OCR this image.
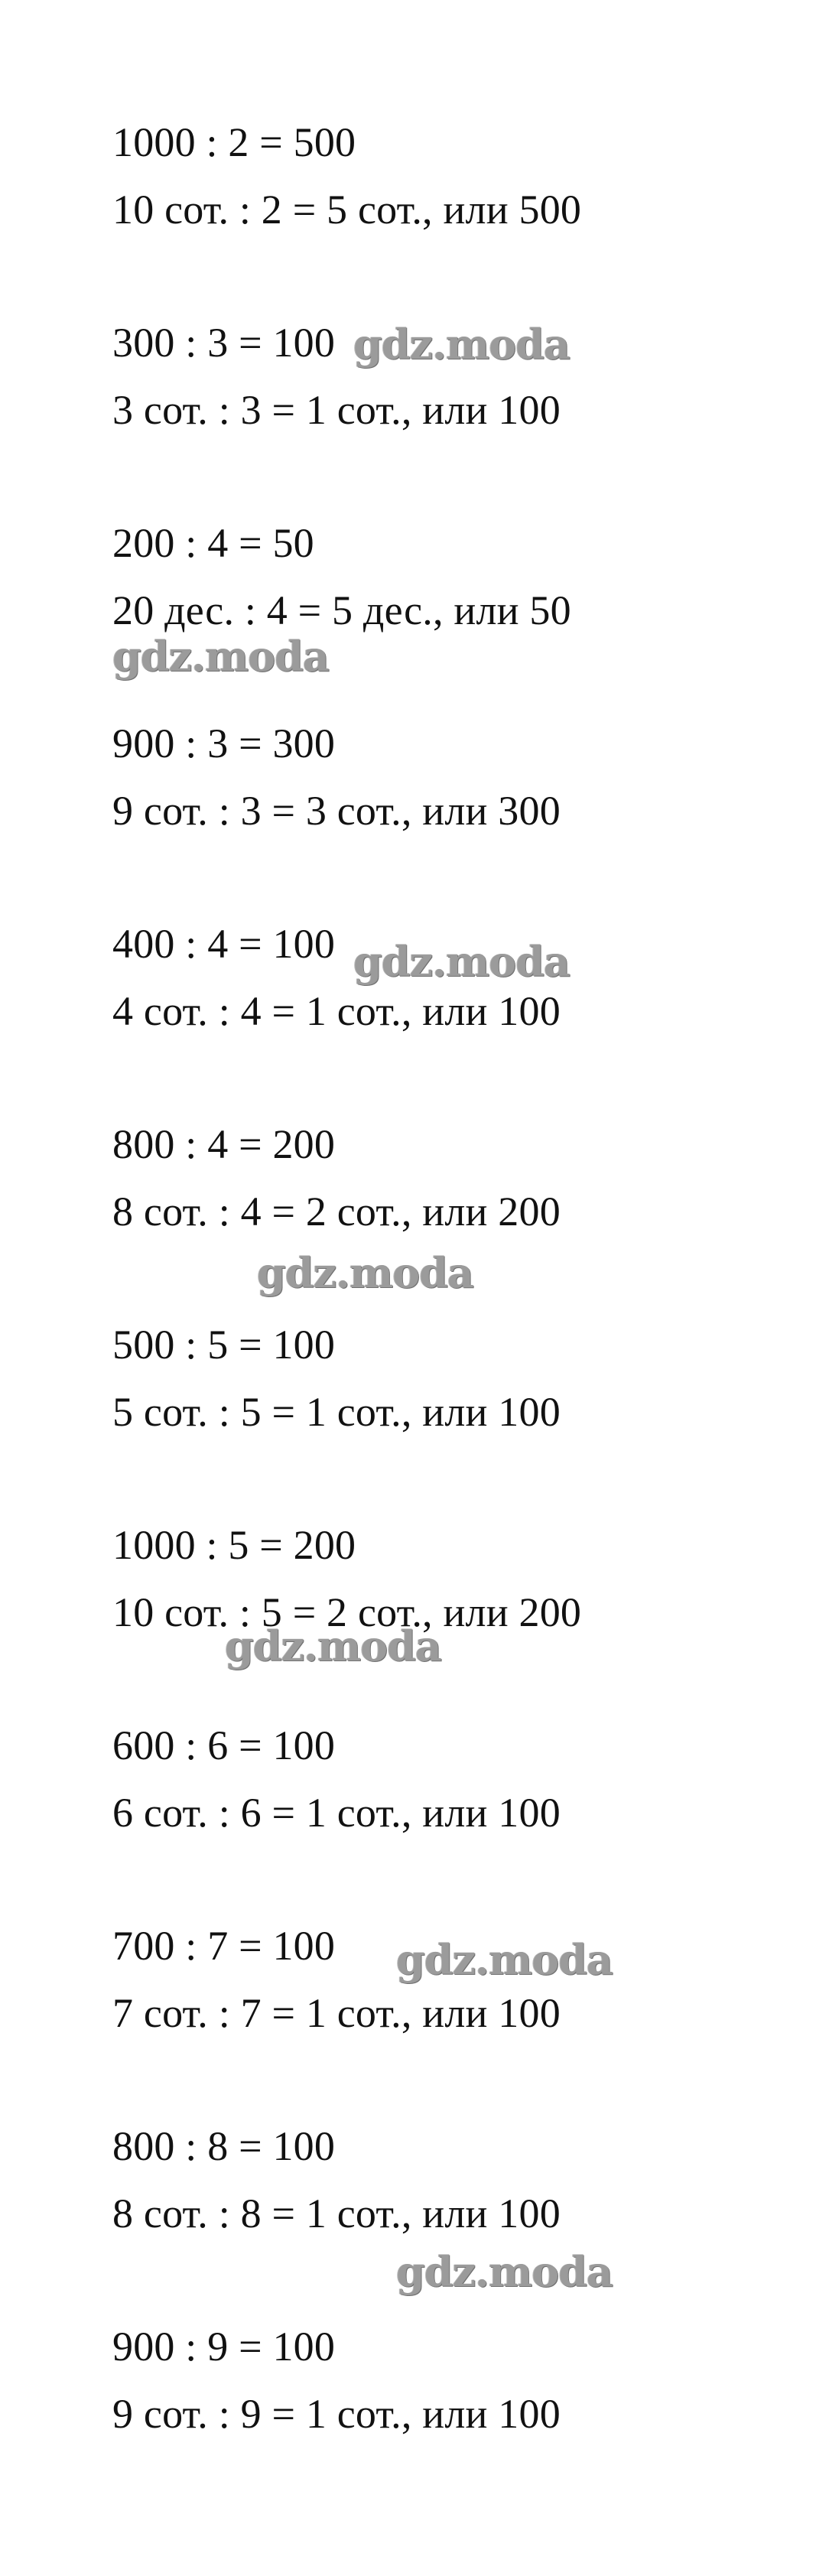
1000 : 2 = 500
10 сот. : 2 = 5 сот., или 500
300 : 3 = 100
3 сот. : 3 = 1 сот., или 100
200 : 4 = 50
20 дес. : 4 = 5 дес., или 50
900 : 3 = 300
9 сот. : 3 = 3 сот., или 300
400 : 4 = 100
4 сот. : 4 = 1 сот., или 100
800 : 4 = 200
8 сот. : 4 = 2 сот., или 200
500 : 5 = 100
5 сот. : 5 = 1 сот., или 100
1000 : 5 = 200
10 сот. : 5 = 2 сот., или 200
600 : 6 = 100
6 сот. : 6 = 1 сот., или 100
700 : 7 = 100
7 сот. : 7 = 1 сот., или 100
800 : 8 = 100
8 сот. : 8 = 1 сот., или 100
900 : 9 = 100
9 сот. : 9 = 1 сот., или 100
gdz.moda
gdz.moda
gdz.moda
gdz.moda
gdz.moda
gdz.moda
gdz.moda
